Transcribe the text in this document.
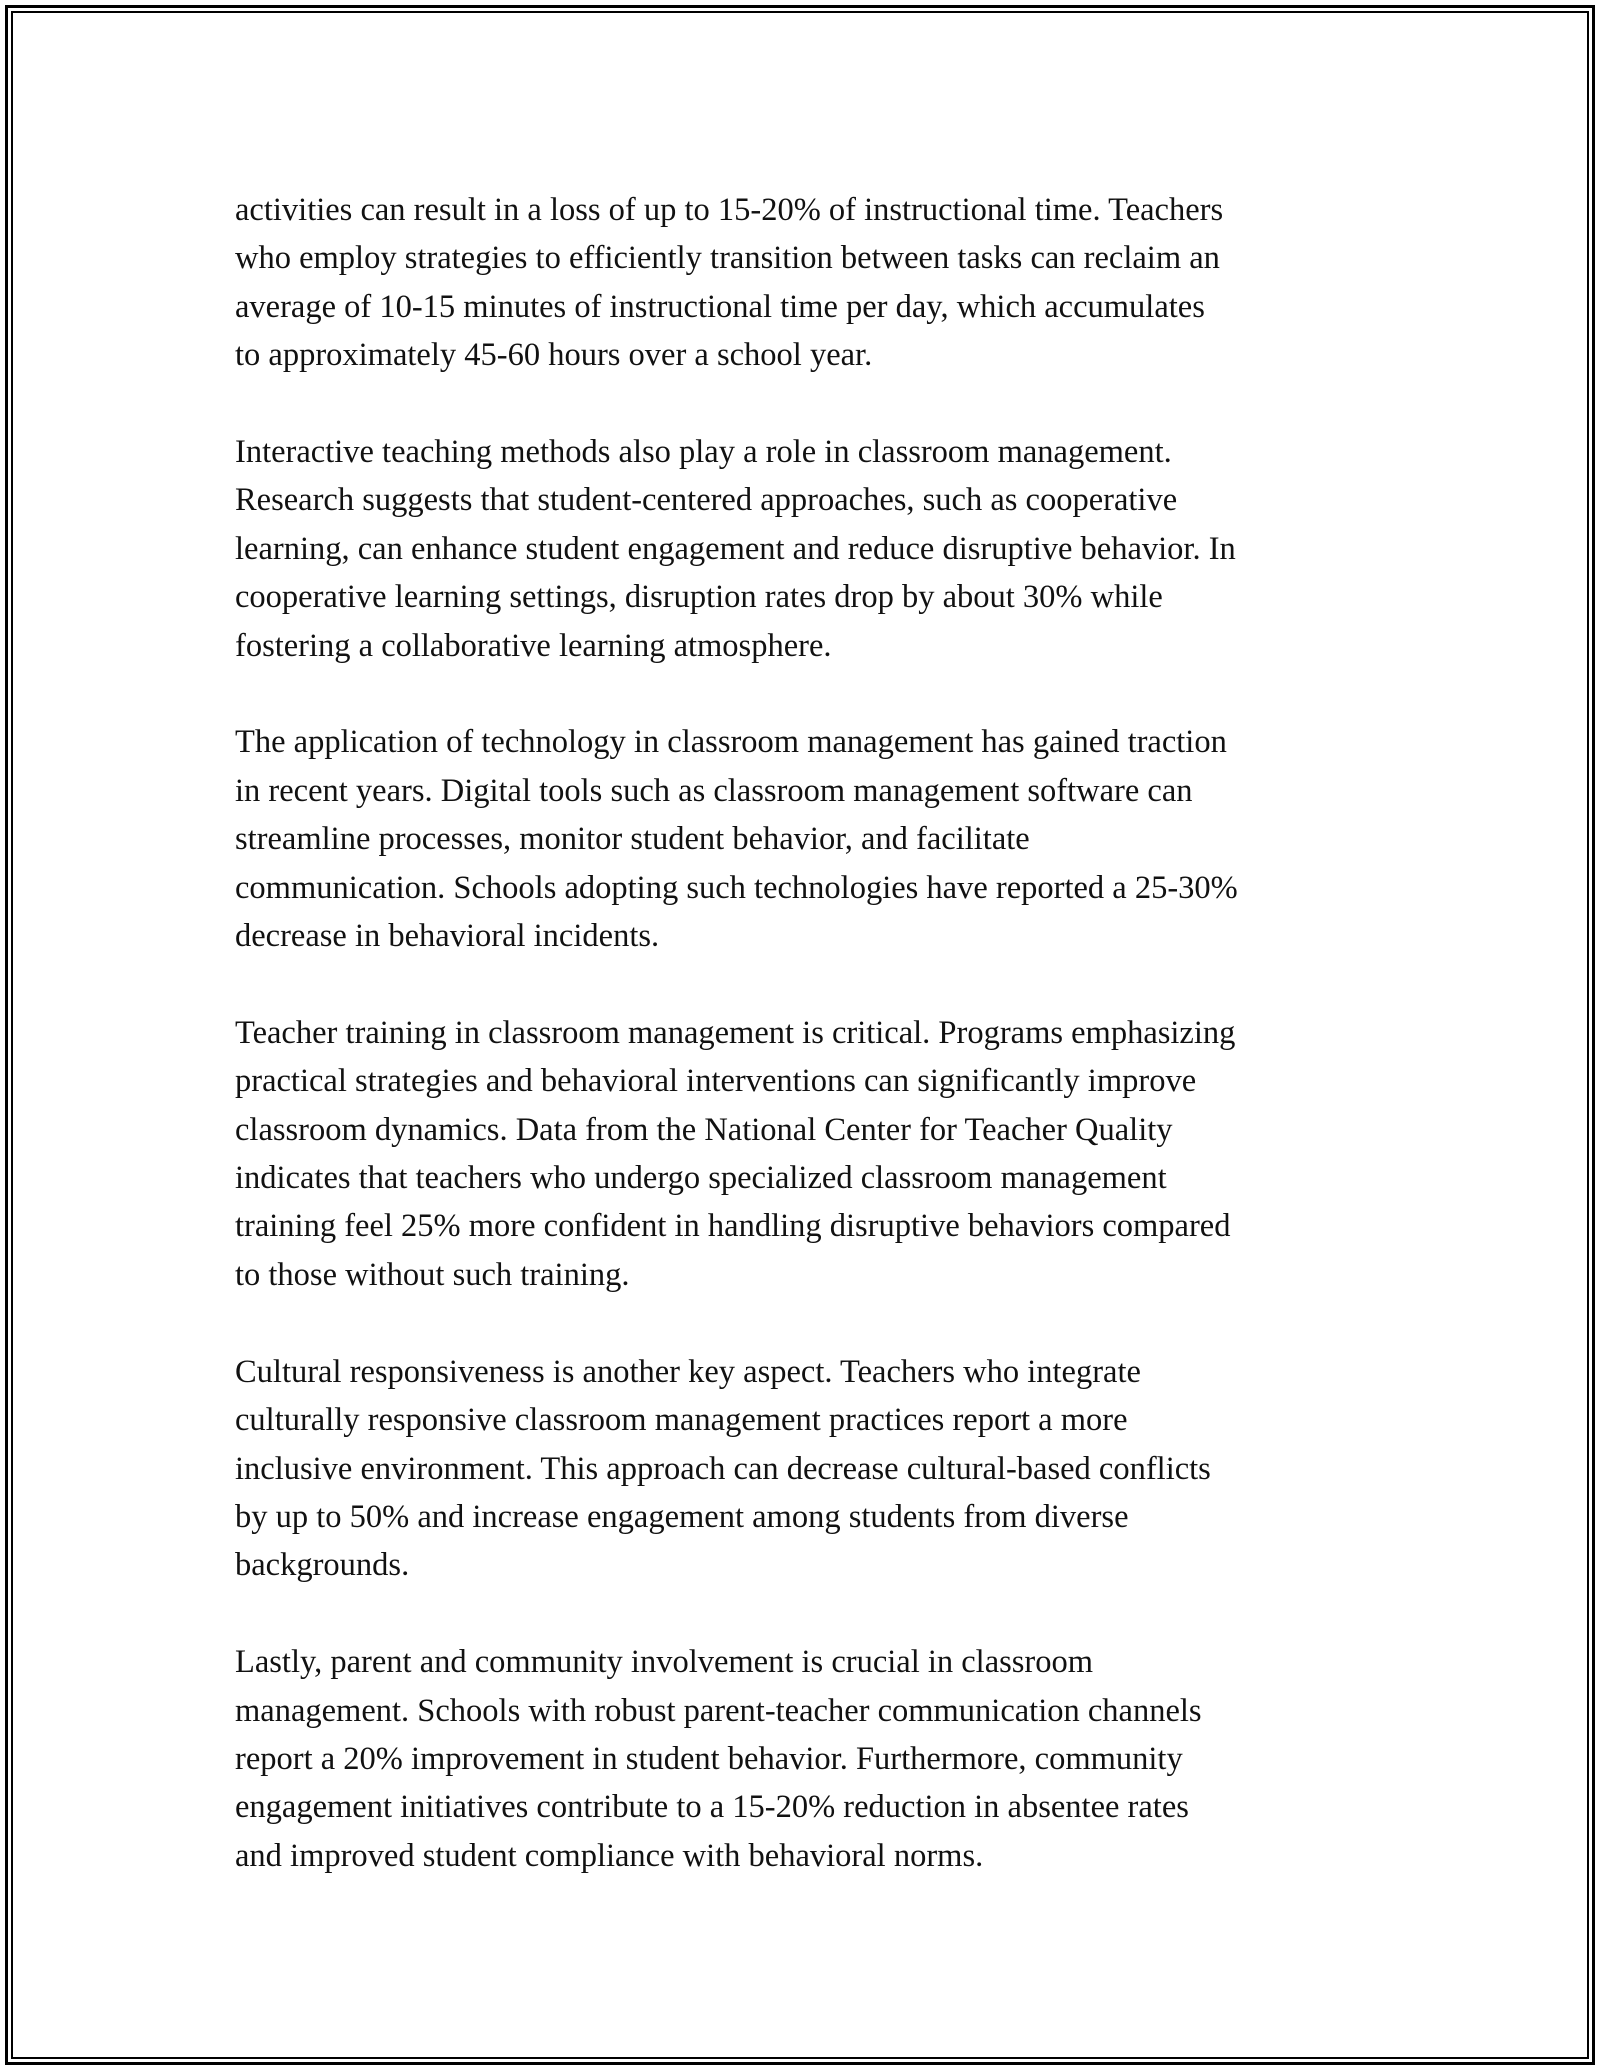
activities can result in a loss of up to 15-20% of instructional time. Teachers
who employ strategies to efficiently transition between tasks can reclaim an
average of 10-15 minutes of instructional time per day, which accumulates
to approximately 45-60 hours over a school year.

Interactive teaching methods also play a role in classroom management.
Research suggests that student-centered approaches, such as cooperative
learning, can enhance student engagement and reduce disruptive behavior. In
cooperative learning settings, disruption rates drop by about 30% while
fostering a collaborative learning atmosphere.

The application of technology in classroom management has gained traction
in recent years. Digital tools such as classroom management software can
streamline processes, monitor student behavior, and facilitate
communication. Schools adopting such technologies have reported a 25-30%
decrease in behavioral incidents.

Teacher training in classroom management is critical. Programs emphasizing
practical strategies and behavioral interventions can significantly improve
classroom dynamics. Data from the National Center for Teacher Quality
indicates that teachers who undergo specialized classroom management
training feel 25% more confident in handling disruptive behaviors compared
to those without such training.

Cultural responsiveness is another key aspect. Teachers who integrate
culturally responsive classroom management practices report a more
inclusive environment. This approach can decrease cultural-based conflicts
by up to 50% and increase engagement among students from diverse
backgrounds.

Lastly, parent and community involvement is crucial in classroom
management. Schools with robust parent-teacher communication channels
report a 20% improvement in student behavior. Furthermore, community
engagement initiatives contribute to a 15-20% reduction in absentee rates
and improved student compliance with behavioral norms.
